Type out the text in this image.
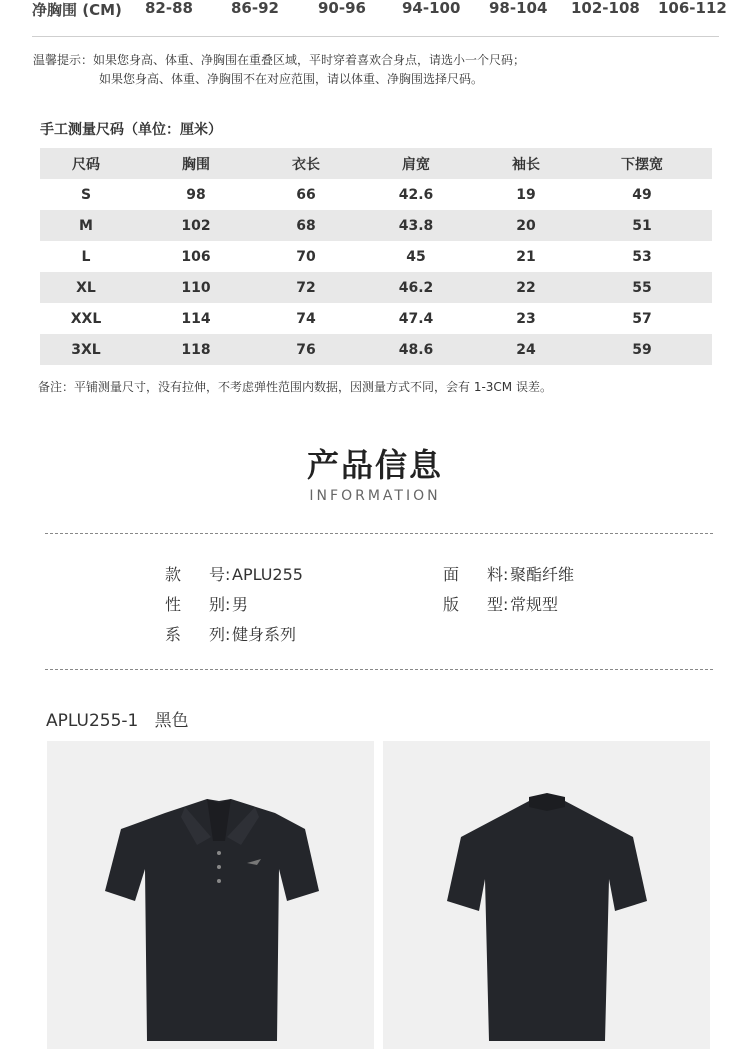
净胸围 (CM) 82-88	86-92	90-96 94-100 98-104 102-108 106-112
温馨提示：如果您身高、体重、净胸围在重叠区域，平时穿着喜欢合身点，请选小一个尺码；
如果您身高、体重、净胸围不在对应范围，请以体重、净胸围选择尺码。
手工测量尺码（单位：厘米）
尺码	胸围	衣长	肩宽	袖长	下摆宽
S	98	66	42.6	19	49
M	102	68	43.8	20	51
L	106	70	45	21	53
XL	110	72	46.2	22	55
XXL	114	74	47.4	23	57
3XL	118	76	48.6	24	59
备注：平铺测量尺寸，没有拉伸，不考虑弹性范围内数据，因测量方式不同，会有 1-3CM 误差。
产品信息
INFORMATION
款 号:APLU255	面 料:聚酯纤维
性 别:男	版 型:常规型
系 列:健身系列
APLU255-1 黑色
